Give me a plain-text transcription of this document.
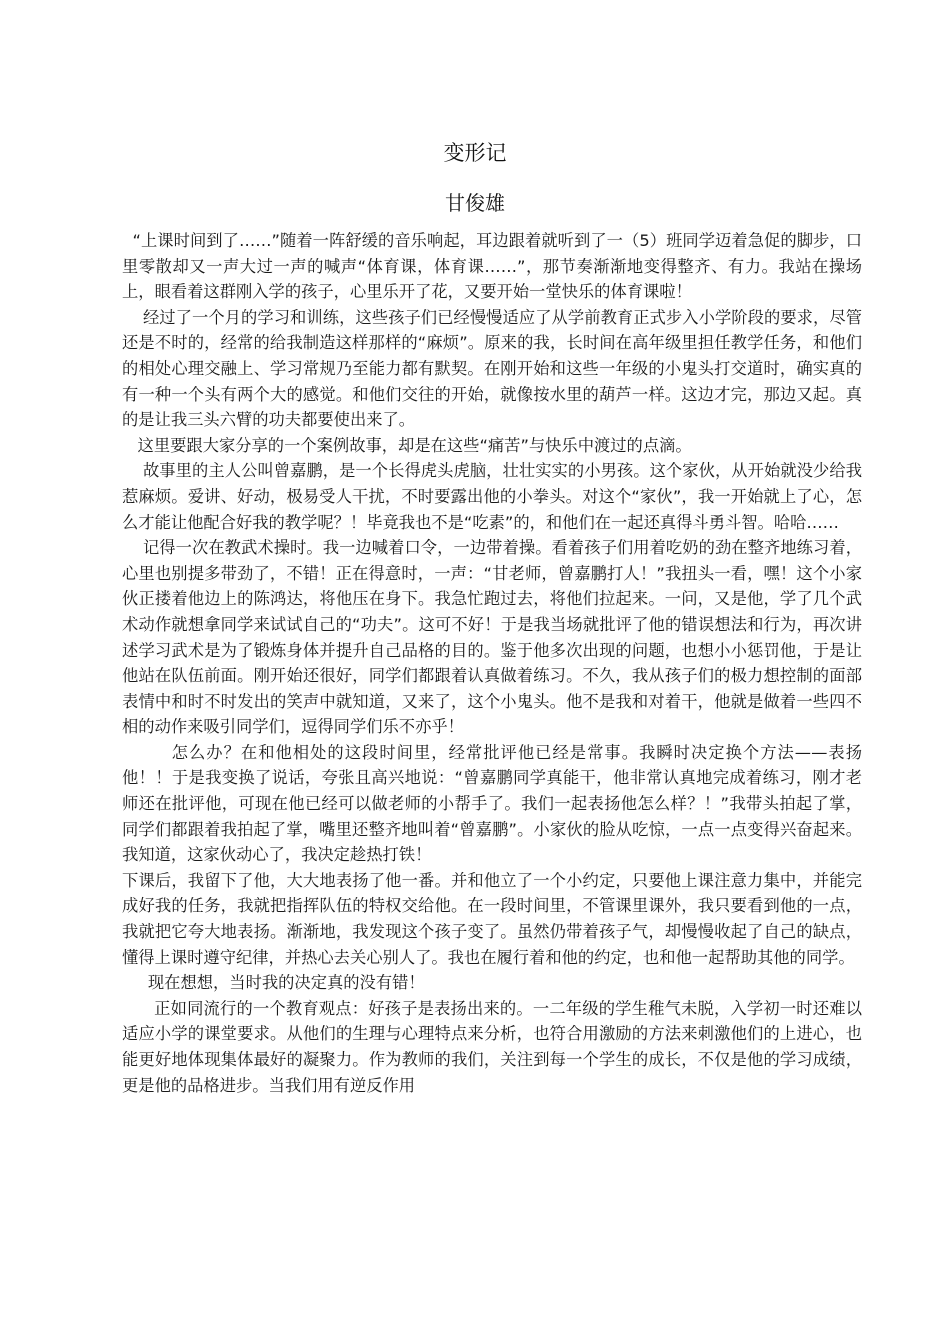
变形记
甘俊雄

“上课时间到了……”随着一阵舒缓的音乐响起，耳边跟着就听到了一（5）班同学迈着急促的脚步，口里零散却又一声大过一声的喊声“体育课，体育课……”，那节奏渐渐地变得整齐、有力。我站在操场上，眼看着这群刚入学的孩子，心里乐开了花，又要开始一堂快乐的体育课啦！

经过了一个月的学习和训练，这些孩子们已经慢慢适应了从学前教育正式步入小学阶段的要求，尽管还是不时的，经常的给我制造这样那样的“麻烦”。原来的我，长时间在高年级里担任教学任务，和他们的相处心理交融上、学习常规乃至能力都有默契。在刚开始和这些一年级的小鬼头打交道时，确实真的有一种一个头有两个大的感觉。和他们交往的开始，就像按水里的葫芦一样。这边才完，那边又起。真的是让我三头六臂的功夫都要使出来了。

这里要跟大家分享的一个案例故事，却是在这些“痛苦”与快乐中渡过的点滴。

故事里的主人公叫曾嘉鹏，是一个长得虎头虎脑，壮壮实实的小男孩。这个家伙，从开始就没少给我惹麻烦。爱讲、好动，极易受人干扰，不时要露出他的小拳头。对这个“家伙”，我一开始就上了心，怎么才能让他配合好我的教学呢？！毕竟我也不是“吃素”的，和他们在一起还真得斗勇斗智。哈哈……

记得一次在教武术操时。我一边喊着口令，一边带着操。看着孩子们用着吃奶的劲在整齐地练习着，心里也别提多带劲了，不错！正在得意时，一声：“甘老师，曾嘉鹏打人！”我扭头一看，嘿！这个小家伙正搂着他边上的陈鸿达，将他压在身下。我急忙跑过去，将他们拉起来。一问，又是他，学了几个武术动作就想拿同学来试试自己的“功夫”。这可不好！于是我当场就批评了他的错误想法和行为，再次讲述学习武术是为了锻炼身体并提升自己品格的目的。鉴于他多次出现的问题，也想小小惩罚他，于是让他站在队伍前面。刚开始还很好，同学们都跟着认真做着练习。不久，我从孩子们的极力想控制的面部表情中和时不时发出的笑声中就知道，又来了，这个小鬼头。他不是我和对着干，他就是做着一些四不相的动作来吸引同学们，逗得同学们乐不亦乎！

怎么办？在和他相处的这段时间里，经常批评他已经是常事。我瞬时决定换个方法——表扬他！！于是我变换了说话，夸张且高兴地说：“曾嘉鹏同学真能干，他非常认真地完成着练习，刚才老师还在批评他，可现在他已经可以做老师的小帮手了。我们一起表扬他怎么样？！”我带头拍起了掌，同学们都跟着我拍起了掌，嘴里还整齐地叫着“曾嘉鹏”。小家伙的脸从吃惊，一点一点变得兴奋起来。我知道，这家伙动心了，我决定趁热打铁！

下课后，我留下了他，大大地表扬了他一番。并和他立了一个小约定，只要他上课注意力集中，并能完成好我的任务，我就把指挥队伍的特权交给他。在一段时间里，不管课里课外，我只要看到他的一点，我就把它夸大地表扬。渐渐地，我发现这个孩子变了。虽然仍带着孩子气，却慢慢收起了自己的缺点，懂得上课时遵守纪律，并热心去关心别人了。我也在履行着和他的约定，也和他一起帮助其他的同学。

现在想想，当时我的决定真的没有错！

正如同流行的一个教育观点：好孩子是表扬出来的。一二年级的学生稚气未脱，入学初一时还难以适应小学的课堂要求。从他们的生理与心理特点来分析，也符合用激励的方法来刺激他们的上进心，也能更好地体现集体最好的凝聚力。作为教师的我们，关注到每一个学生的成长，不仅是他的学习成绩，更是他的品格进步。当我们用有逆反作用
